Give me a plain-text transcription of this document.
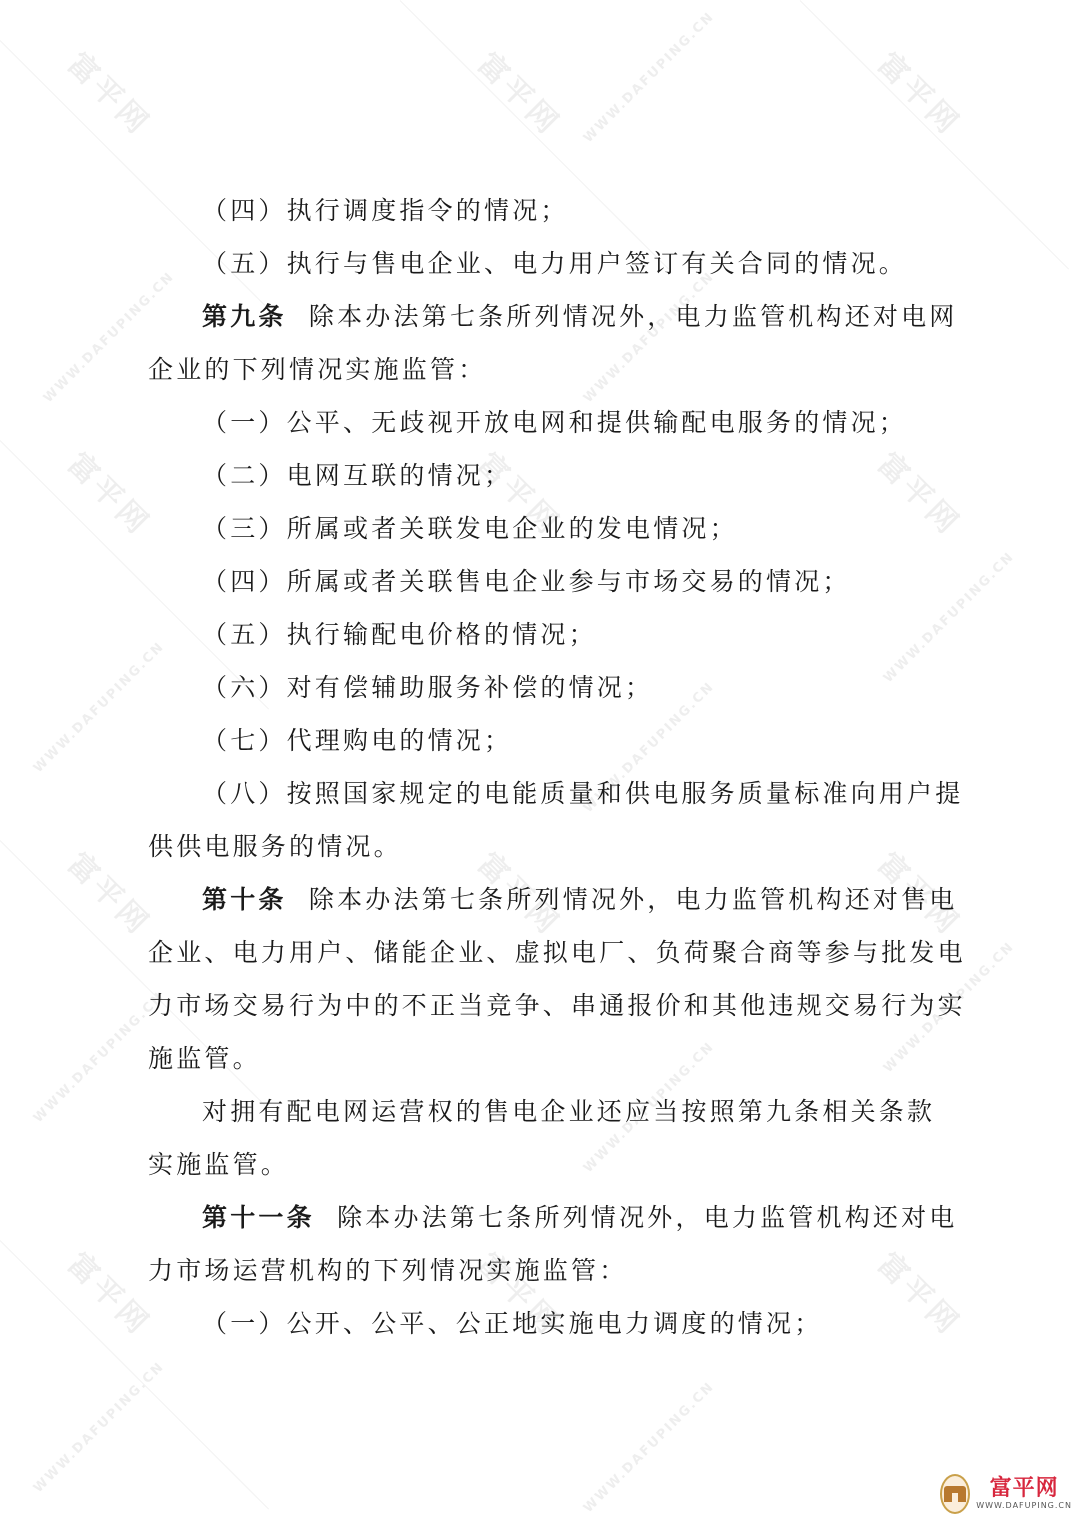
富平网	富平网	富平网
富平网	富平网	富平网
富平网	富平网	富平网
富平网	富平网	富平网
WWW.DAFUPING.CN
WWW.DAFUPING.CN	WWW.DAFUPING.CN
WWW.DAFUPING.CN
WWW.DAFUPING.CN	WWW.DAFUPING.CN
WWW.DAFUPING.CN	WWW.DAFUPING.CN
WWW.DAFUPING.CN
WWW.DAFUPING.CN	WWW.DAFUPING.CN
（四）执行调度指令的情况；
（五）执行与售电企业、电力用户签订有关合同的情况。
第九条  除本办法第七条所列情况外，电力监管机构还对电网
企业的下列情况实施监管：
（一）公平、无歧视开放电网和提供输配电服务的情况；
（二）电网互联的情况；
（三）所属或者关联发电企业的发电情况；
（四）所属或者关联售电企业参与市场交易的情况；
（五）执行输配电价格的情况；
（六）对有偿辅助服务补偿的情况；
（七）代理购电的情况；
（八）按照国家规定的电能质量和供电服务质量标准向用户提
供供电服务的情况。
第十条  除本办法第七条所列情况外，电力监管机构还对售电
企业、电力用户、储能企业、虚拟电厂、负荷聚合商等参与批发电
力市场交易行为中的不正当竞争、串通报价和其他违规交易行为实
施监管。
对拥有配电网运营权的售电企业还应当按照第九条相关条款
实施监管。
第十一条  除本办法第七条所列情况外，电力监管机构还对电
力市场运营机构的下列情况实施监管：
（一）公开、公平、公正地实施电力调度的情况；
富平网
WWW.DAFUPING.CN
